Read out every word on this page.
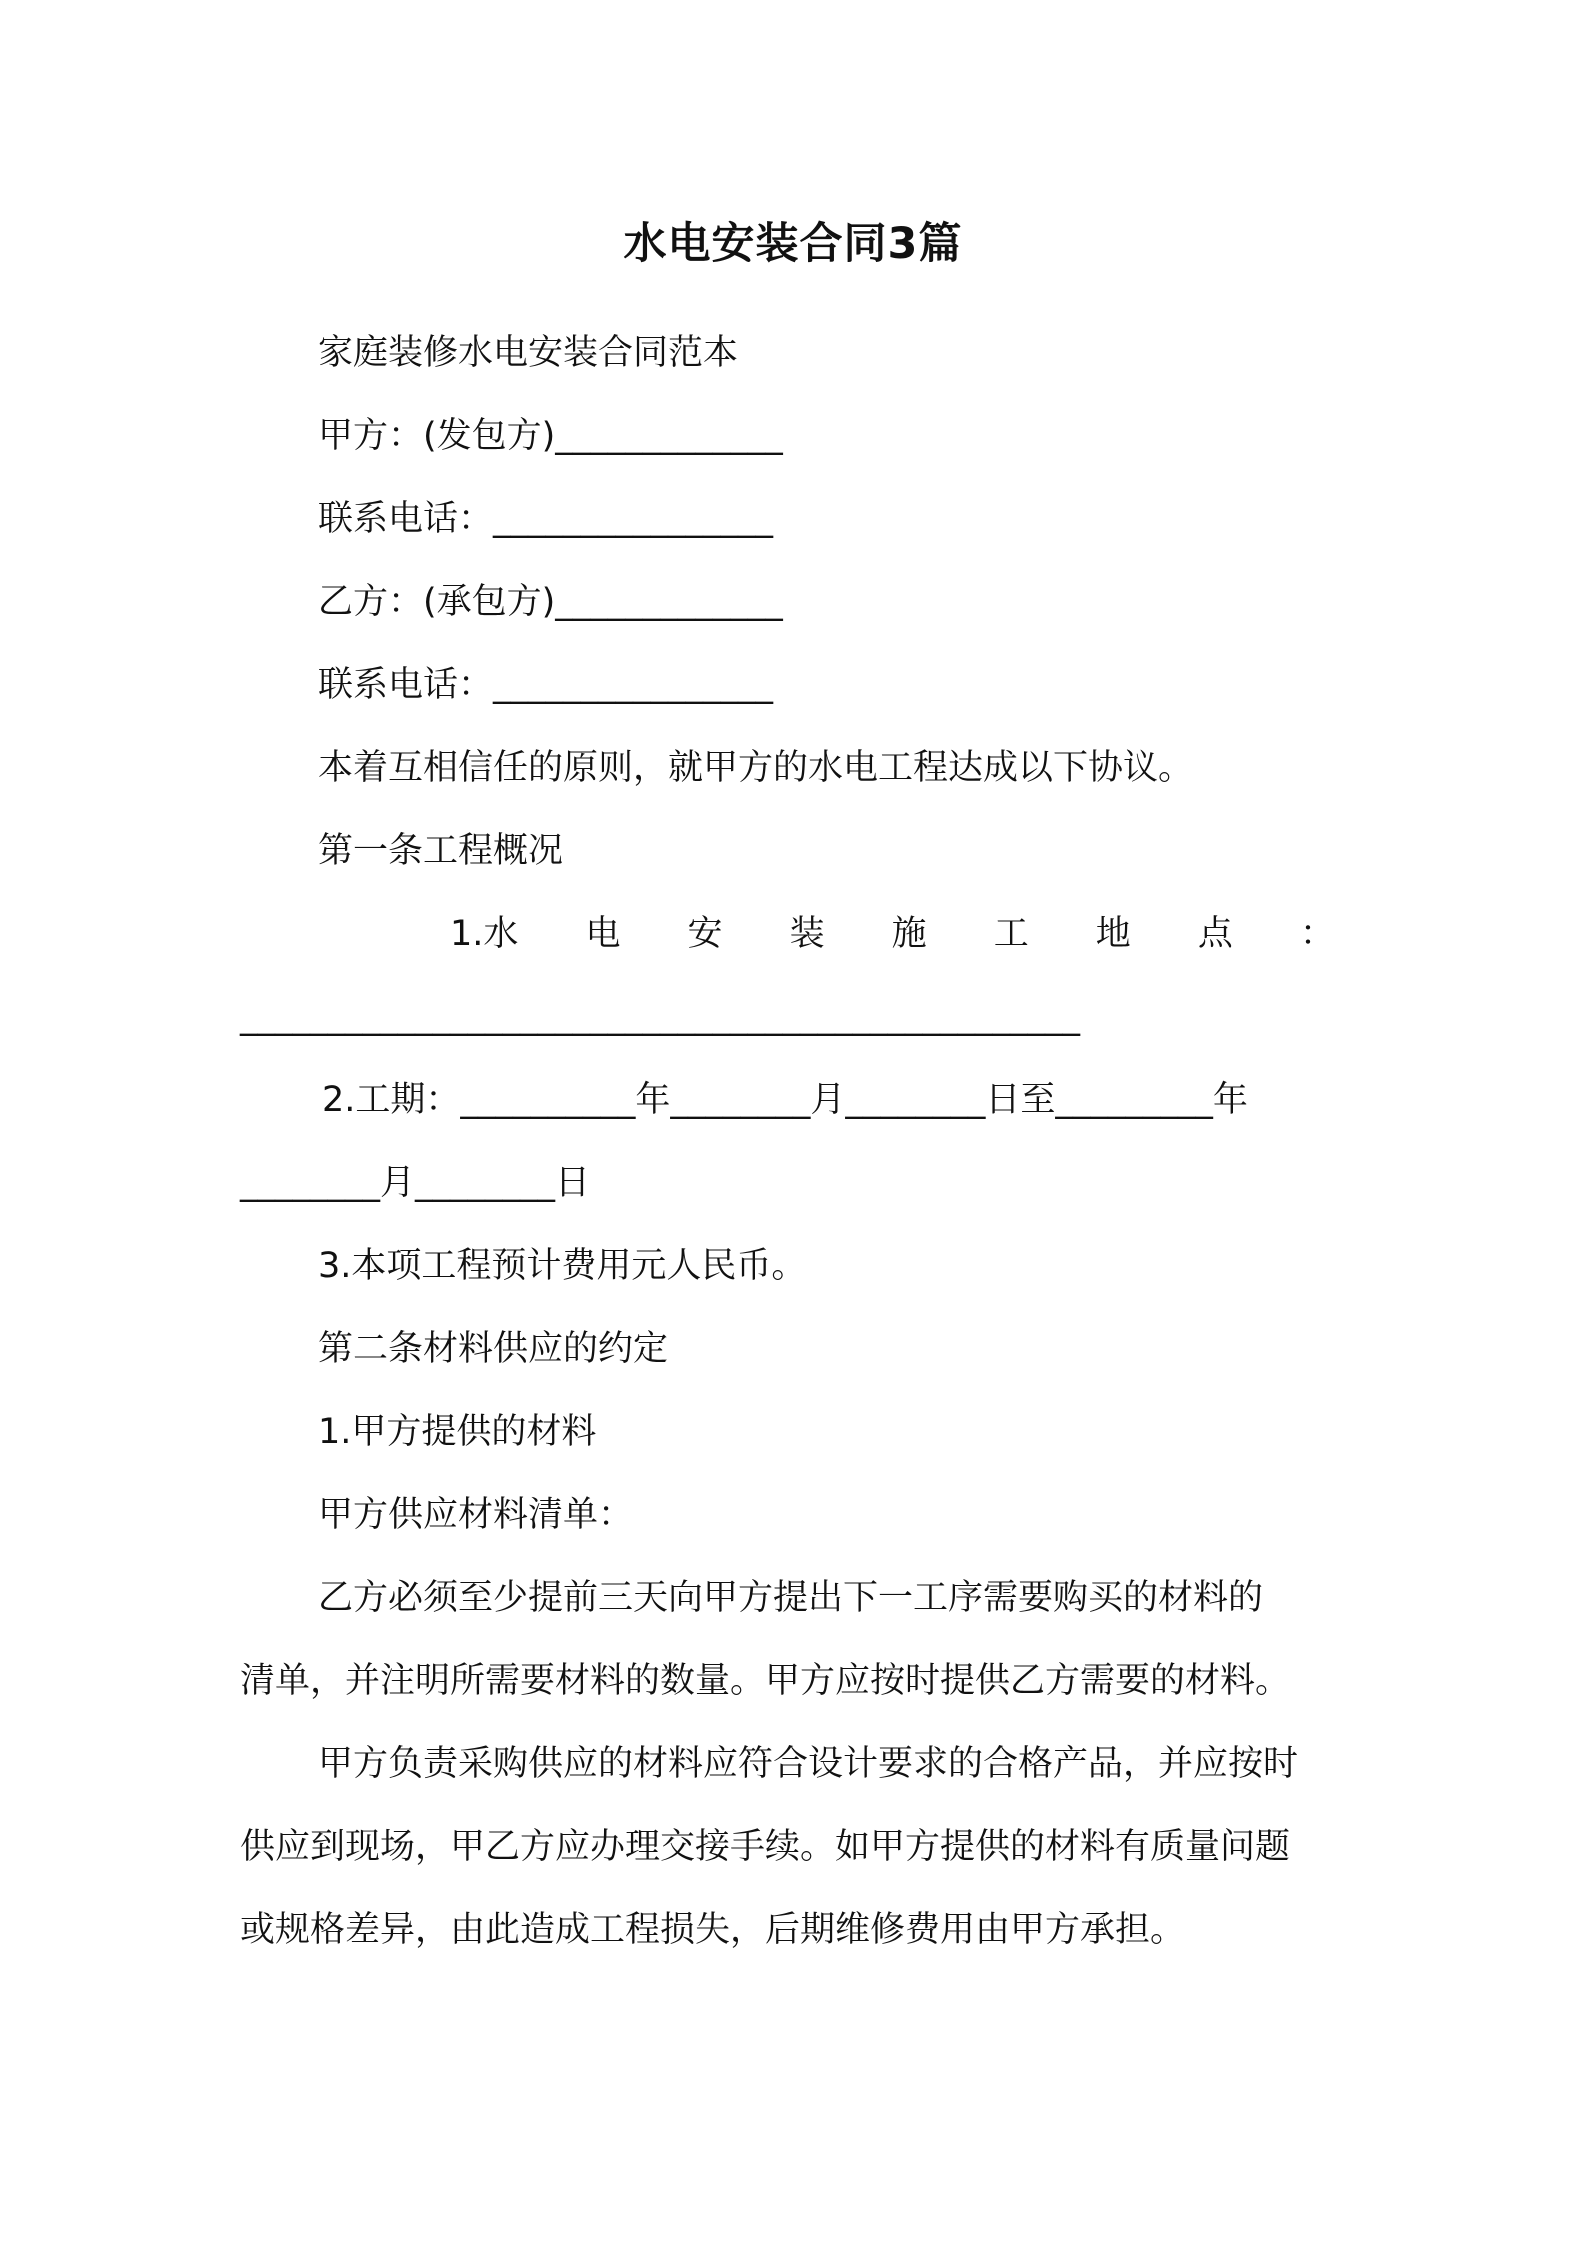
水电安装合同3篇
家庭装修水电安装合同范本
甲方：(发包方)_____________
联系电话：________________
乙方：(承包方)_____________
联系电话：________________
本着互相信任的原则，就甲方的水电工程达成以下协议。
第一条工程概况
1.水 电 安 装 施 工 地 点 ：
________________________________________________
2.工期：__________年________月________日至_________年
________月________日
3.本项工程预计费用元人民币。
第二条材料供应的约定
1.甲方提供的材料
甲方供应材料清单：
乙方必须至少提前三天向甲方提出下一工序需要购买的材料的
清单，并注明所需要材料的数量。甲方应按时提供乙方需要的材料。
甲方负责采购供应的材料应符合设计要求的合格产品，并应按时
供应到现场，甲乙方应办理交接手续。如甲方提供的材料有质量问题
或规格差异，由此造成工程损失，后期维修费用由甲方承担。
